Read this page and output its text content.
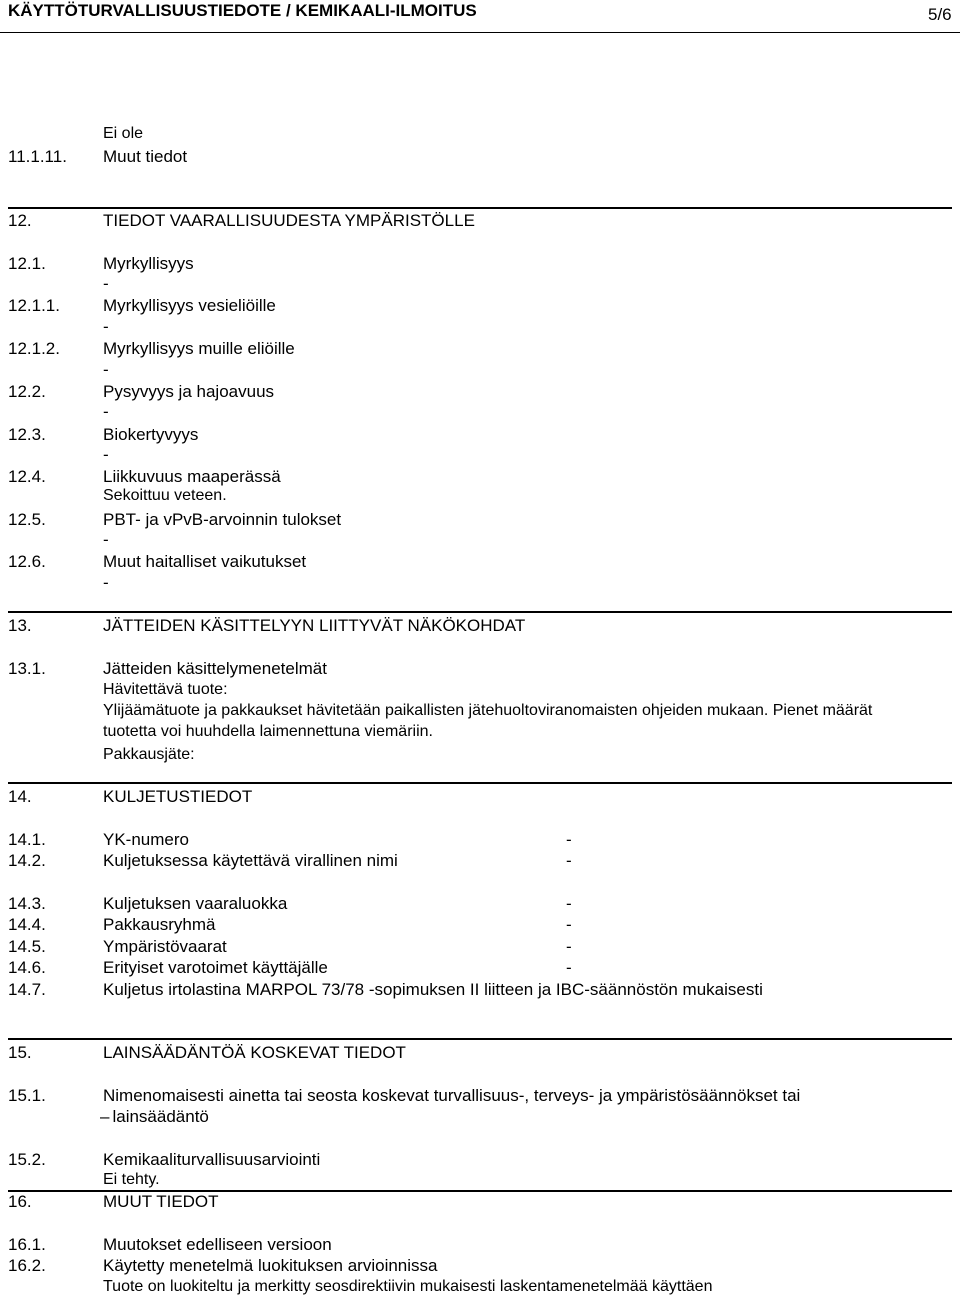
KÄYTTÖTURVALLISUUSTIEDOTE / KEMIKAALI-ILMOITUS	5/6
Ei ole
11.1.11. Muut tiedot
12.	TIEDOT VAARALLISUUDESTA YMPÄRISTÖLLE
12.1.	Myrkyllisyys
-
12.1.1.	Myrkyllisyys vesieliöille
-
12.1.2.	Myrkyllisyys muille eliöille
-
12.2.	Pysyvyys ja hajoavuus
-
12.3.	Biokertyvyys
-
12.4.	Liikkuvuus maaperässä
Sekoittuu veteen.
12.5.	PBT- ja vPvB-arvoinnin tulokset
-
12.6.	Muut haitalliset vaikutukset
-
13.	JÄTTEIDEN KÄSITTELYYN LIITTYVÄT NÄKÖKOHDAT
13.1.	Jätteiden käsittelymenetelmät
Hävitettävä tuote:
Ylijäämätuote ja pakkaukset hävitetään paikallisten jätehuoltoviranomaisten ohjeiden mukaan. Pienet määrät
tuotetta voi huuhdella laimennettuna viemäriin.
Pakkausjäte:
14.	KULJETUSTIEDOT
14.1.	YK-numero	-
14.2.	Kuljetuksessa käytettävä virallinen nimi	-
14.3.	Kuljetuksen vaaraluokka	-
14.4.	Pakkausryhmä	-
14.5.	Ympäristövaarat	-
14.6.	Erityiset varotoimet käyttäjälle	-
14.7.	Kuljetus irtolastina MARPOL 73/78 -sopimuksen II liitteen ja IBC-säännöstön mukaisesti
15.	LAINSÄÄDÄNTÖÄ KOSKEVAT TIEDOT
15.1.	Nimenomaisesti ainetta tai seosta koskevat turvallisuus-, terveys- ja ympäristösäännökset tai
– lainsäädäntö
15.2.	Kemikaaliturvallisuusarviointi
Ei tehty.
16.	MUUT TIEDOT
16.1.	Muutokset edelliseen versioon
16.2.	Käytetty menetelmä luokituksen arvioinnissa
Tuote on luokiteltu ja merkitty seosdirektiivin mukaisesti laskentamenetelmää käyttäen
